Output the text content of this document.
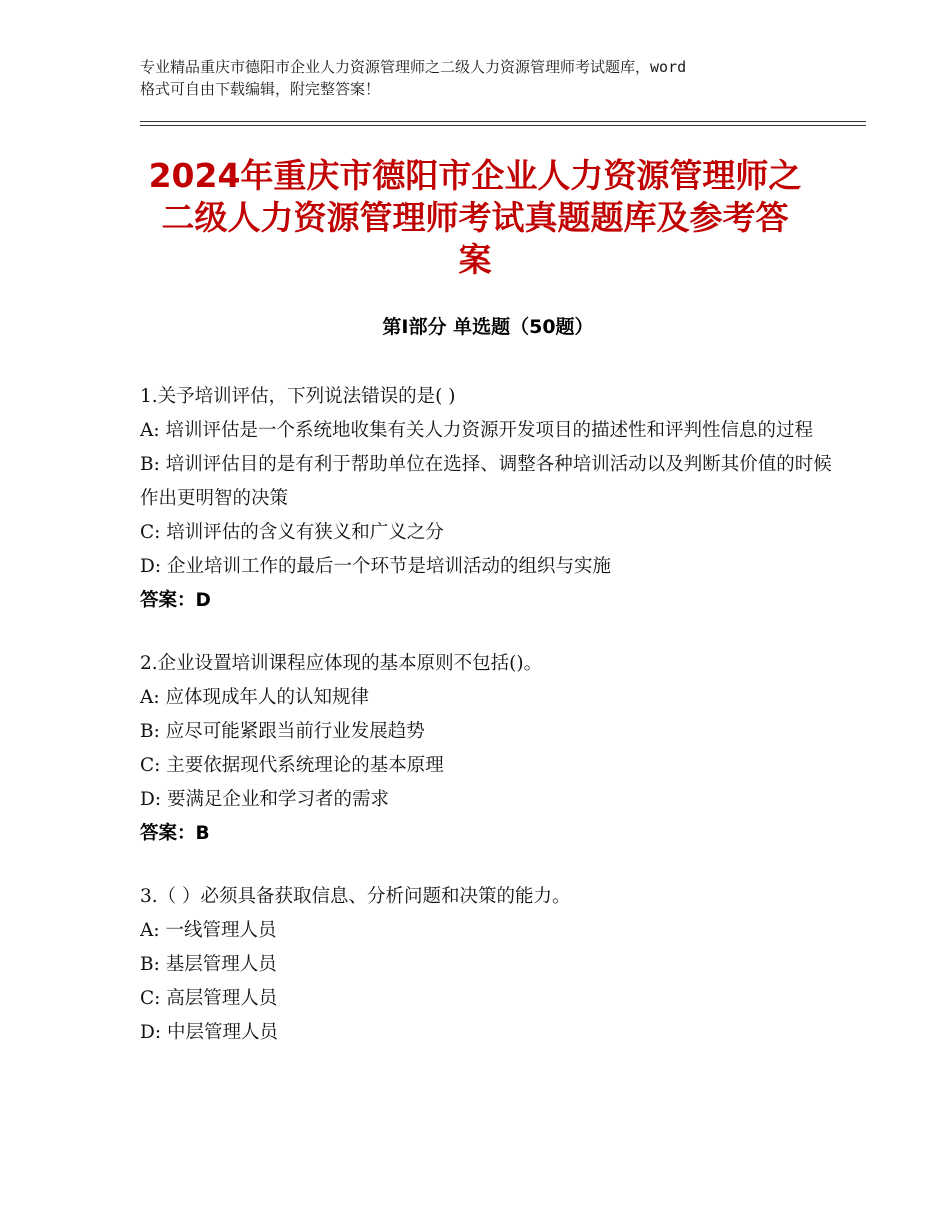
专业精品重庆市德阳市企业人力资源管理师之二级人力资源管理师考试题库，word
格式可自由下载编辑，附完整答案！
2024年重庆市德阳市企业人力资源管理师之
二级人力资源管理师考试真题题库及参考答
案
第Ⅰ部分 单选题（50题）
1.关予培训评估，下列说法错误的是( )
A: 培训评估是一个系统地收集有关人力资源开发项目的描述性和评判性信息的过程
B: 培训评估目的是有利于帮助单位在选择、调整各种培训活动以及判断其价值的时候作出更明智的决策
C: 培训评估的含义有狭义和广义之分
D: 企业培训工作的最后一个环节是培训活动的组织与实施
答案：D
2.企业设置培训课程应体现的基本原则不包括()。
A: 应体现成年人的认知规律
B: 应尽可能紧跟当前行业发展趋势
C: 主要依据现代系统理论的基本原理
D: 要满足企业和学习者的需求
答案：B
3.（ ）必须具备获取信息、分析问题和决策的能力。
A: 一线管理人员
B: 基层管理人员
C: 高层管理人员
D: 中层管理人员
